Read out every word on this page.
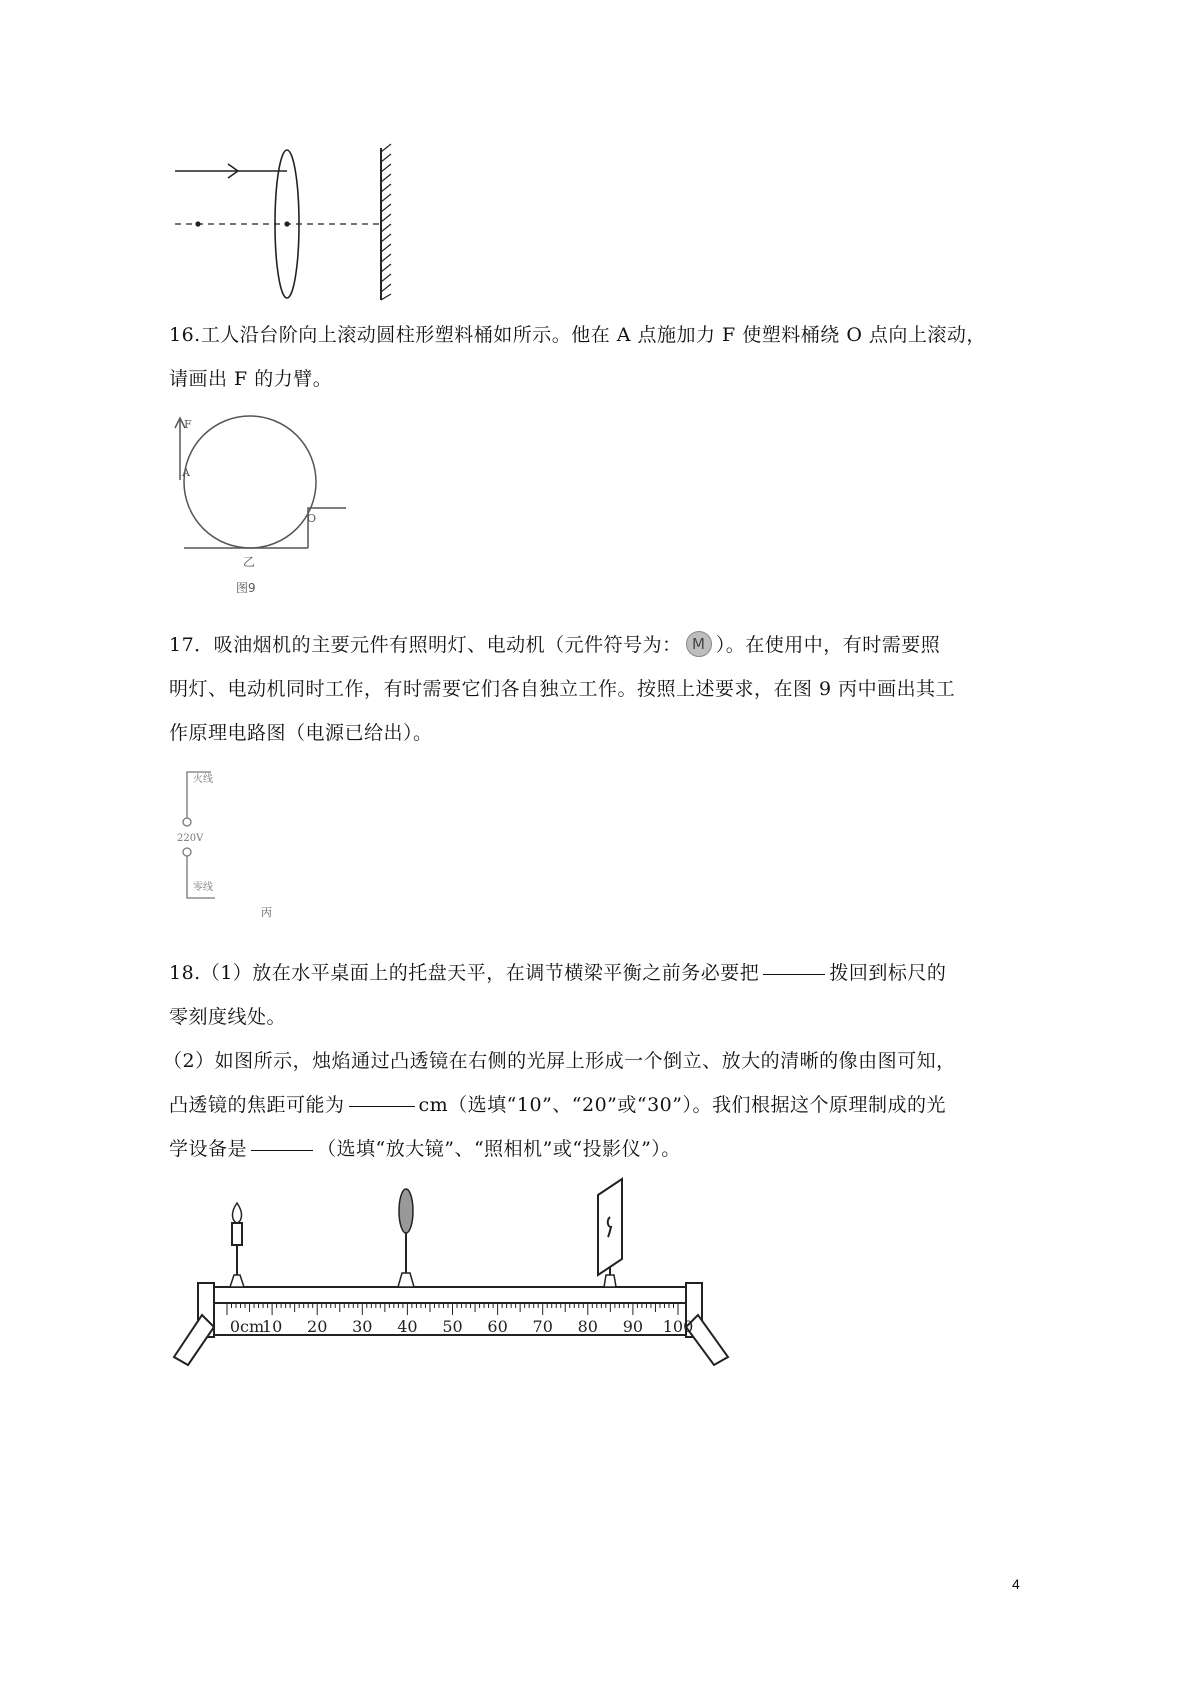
16.工人沿台阶向上滚动圆柱形塑料桶如所示。他在 A 点施加力 F 使塑料桶绕 O 点向上滚动，
请画出 F 的力臂。
F
A
O
乙
图9
17．吸油烟机的主要元件有照明灯、电动机（元件符号为： M ）。在使用中，有时需要照
明灯、电动机同时工作，有时需要它们各自独立工作。按照上述要求，在图 9 丙中画出其工
作原理电路图（电源已给出）。
火线
220V
零线
丙
18.（1）放在水平桌面上的托盘天平，在调节横梁平衡之前务必要把	拨回到标尺的
零刻度线处。
（2）如图所示，烛焰通过凸透镜在右侧的光屏上形成一个倒立、放大的清晰的像由图可知，
凸透镜的焦距可能为	cm（选填“10”、“20”或“30”）。我们根据这个原理制成的光
学设备是	（选填“放大镜”、“照相机”或“投影仪”）。
0cm
10 20 30 40 50 60 70 80 90 100
4
